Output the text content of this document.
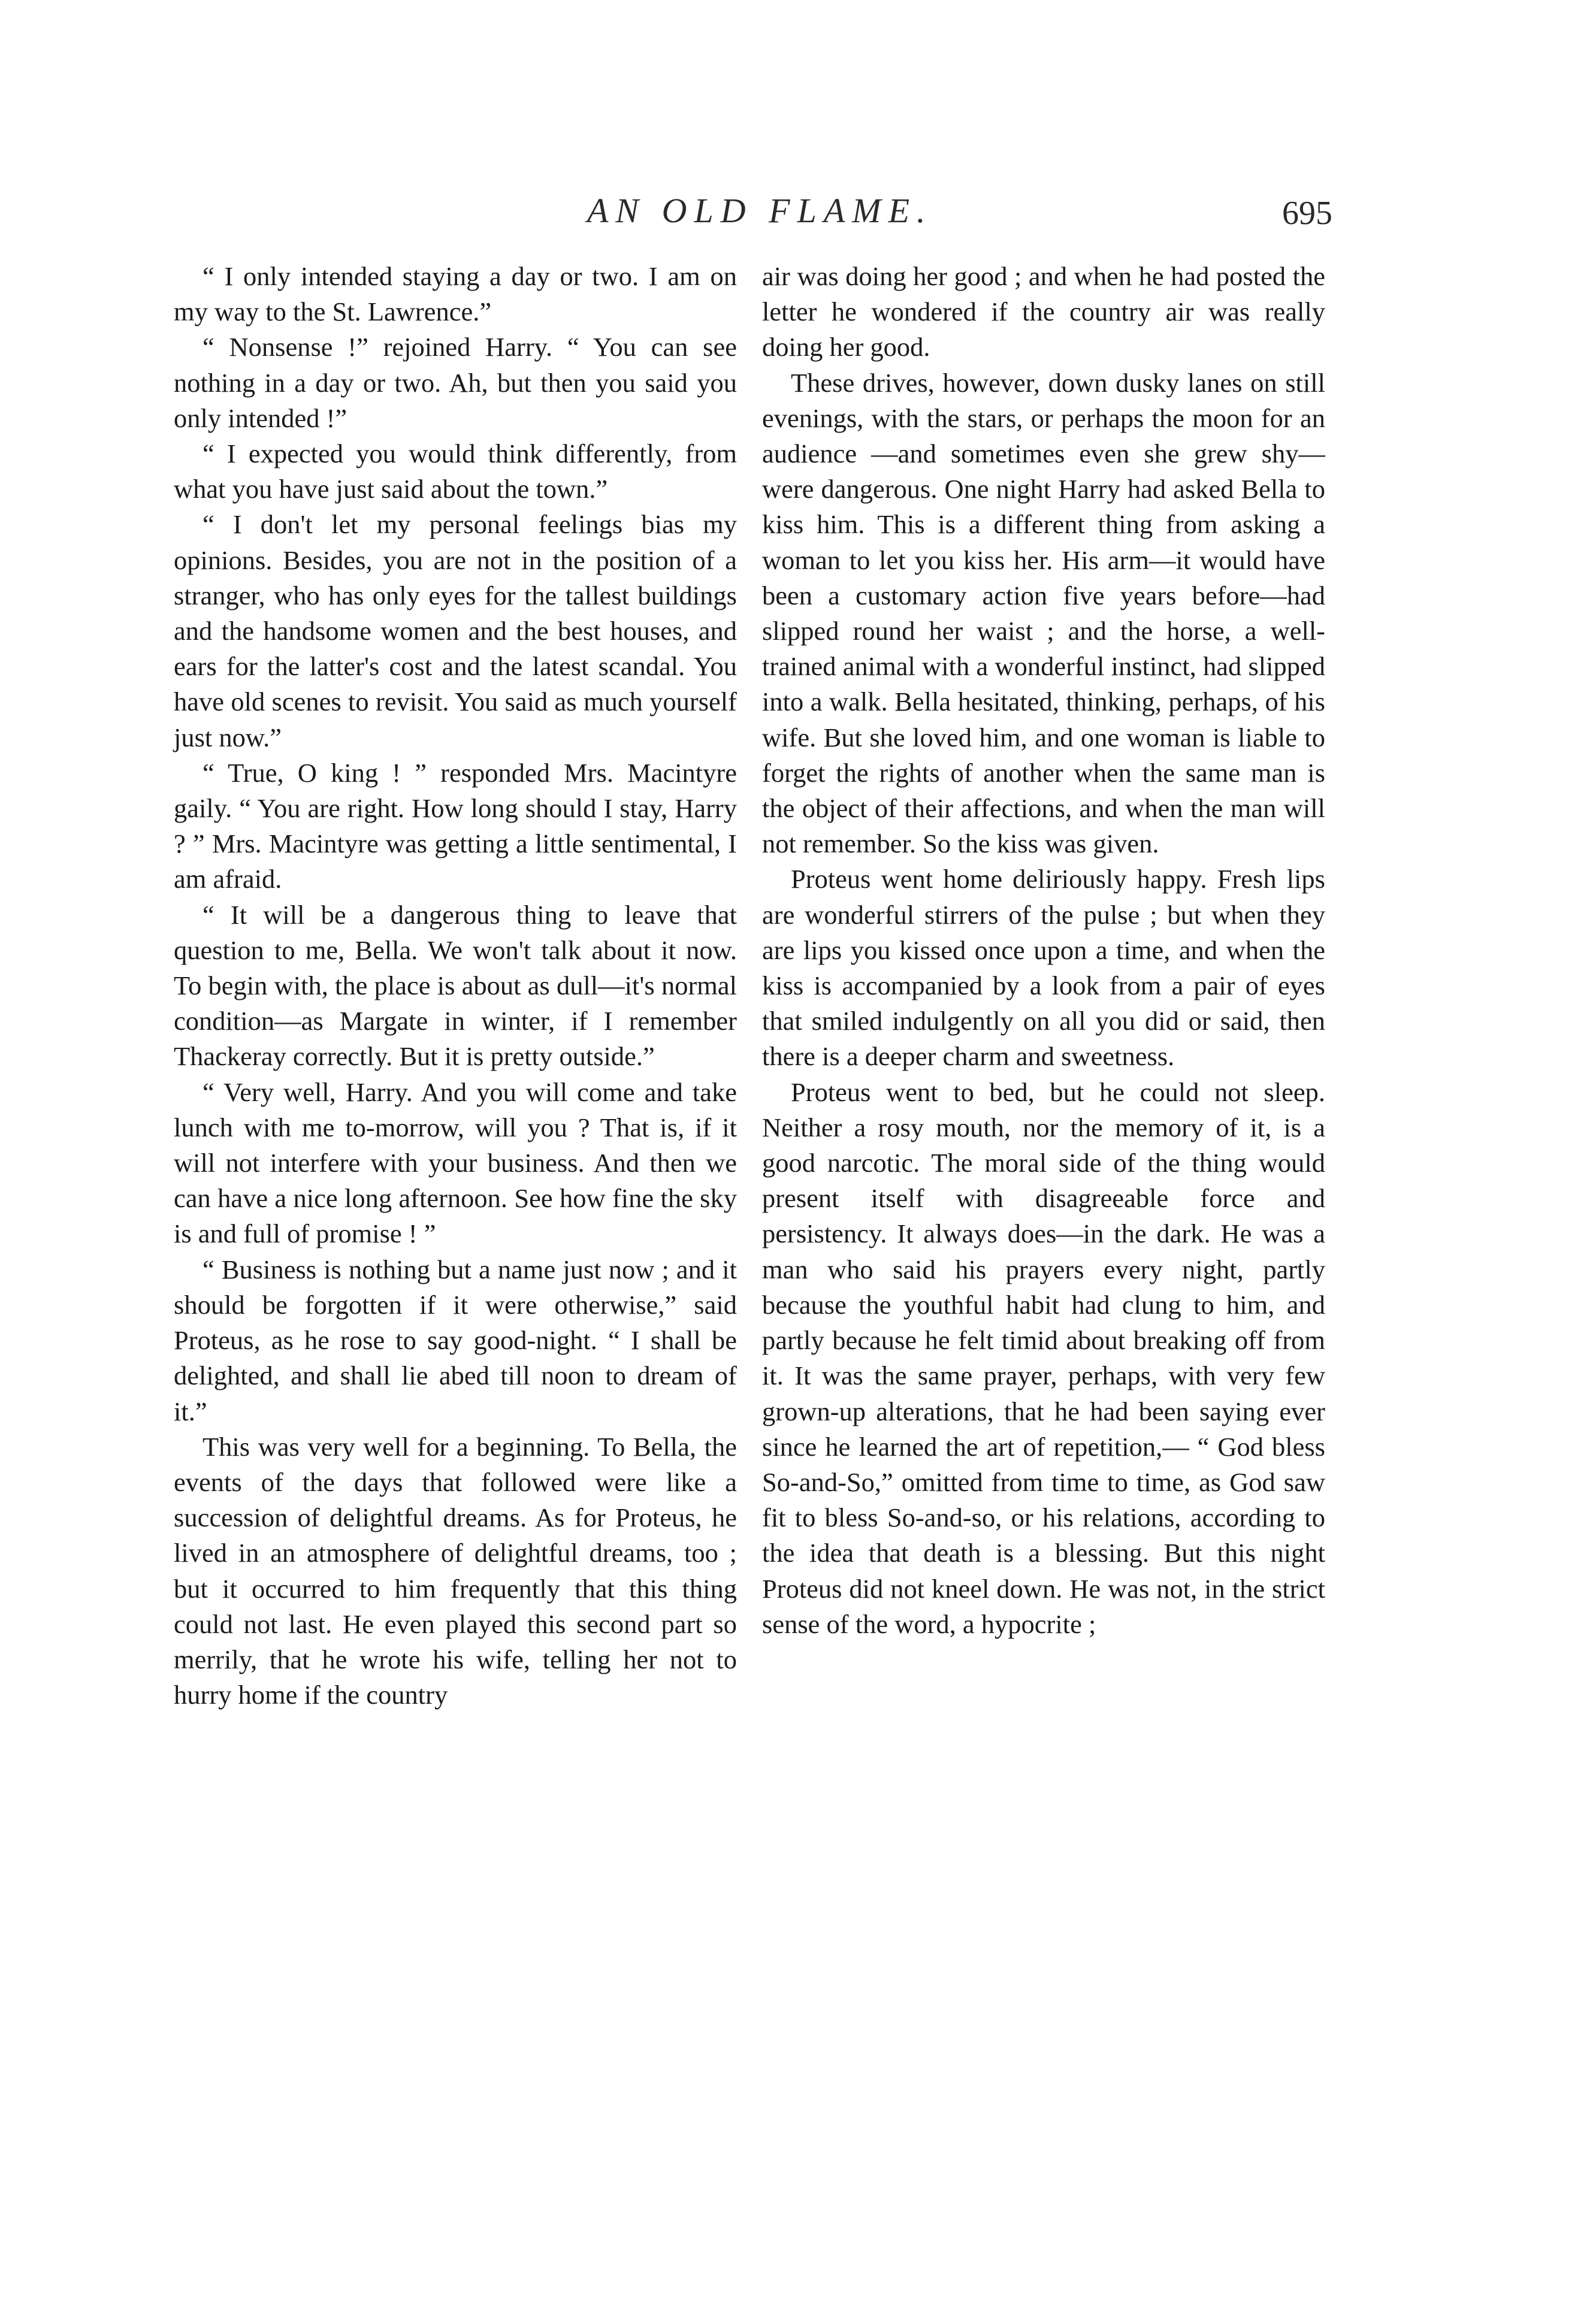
AN OLD FLAME.	695

“ I only intended staying a day or two. I am on my way to the St. Lawrence.”

“ Nonsense !” rejoined Harry. “ You can see nothing in a day or two. Ah, but then you said you only intended !”

“ I expected you would think differently, from what you have just said about the town.”

“ I don't let my personal feelings bias my opinions. Besides, you are not in the position of a stranger, who has only eyes for the tallest buildings and the handsome women and the best houses, and ears for the latter's cost and the latest scandal. You have old scenes to revisit. You said as much yourself just now.”

“ True, O king ! ” responded Mrs. Macintyre gaily. “ You are right. How long should I stay, Harry ? ” Mrs. Macintyre was getting a little sentimental, I am afraid.

“ It will be a dangerous thing to leave that question to me, Bella. We won't talk about it now. To begin with, the place is about as dull—it's normal condition—as Margate in winter, if I remember Thackeray correctly. But it is pretty outside.”

“ Very well, Harry. And you will come and take lunch with me to-morrow, will you ? That is, if it will not interfere with your business. And then we can have a nice long afternoon. See how fine the sky is and full of promise ! ”

“ Business is nothing but a name just now ; and it should be forgotten if it were otherwise,” said Proteus, as he rose to say good-night. “ I shall be delighted, and shall lie abed till noon to dream of it.”

This was very well for a beginning. To Bella, the events of the days that followed were like a succession of delightful dreams. As for Proteus, he lived in an atmosphere of delightful dreams, too ; but it occurred to him frequently that this thing could not last. He even played this second part so merrily, that he wrote his wife, telling her not to hurry home if the country

air was doing her good ; and when he had posted the letter he wondered if the country air was really doing her good.

These drives, however, down dusky lanes on still evenings, with the stars, or perhaps the moon for an audience —and sometimes even she grew shy— were dangerous. One night Harry had asked Bella to kiss him. This is a different thing from asking a woman to let you kiss her. His arm—it would have been a customary action five years before—had slipped round her waist ; and the horse, a well-trained animal with a wonderful instinct, had slipped into a walk. Bella hesitated, thinking, perhaps, of his wife. But she loved him, and one woman is liable to forget the rights of another when the same man is the object of their affections, and when the man will not remember. So the kiss was given.

Proteus went home deliriously happy. Fresh lips are wonderful stirrers of the pulse ; but when they are lips you kissed once upon a time, and when the kiss is accompanied by a look from a pair of eyes that smiled indulgently on all you did or said, then there is a deeper charm and sweetness.

Proteus went to bed, but he could not sleep. Neither a rosy mouth, nor the memory of it, is a good narcotic. The moral side of the thing would present itself with disagreeable force and persistency. It always does—in the dark. He was a man who said his prayers every night, partly because the youthful habit had clung to him, and partly because he felt timid about breaking off from it. It was the same prayer, perhaps, with very few grown-up alterations, that he had been saying ever since he learned the art of repetition,— “ God bless So-and-So,” omitted from time to time, as God saw fit to bless So-and-so, or his relations, according to the idea that death is a blessing. But this night Proteus did not kneel down. He was not, in the strict sense of the word, a hypocrite ;
